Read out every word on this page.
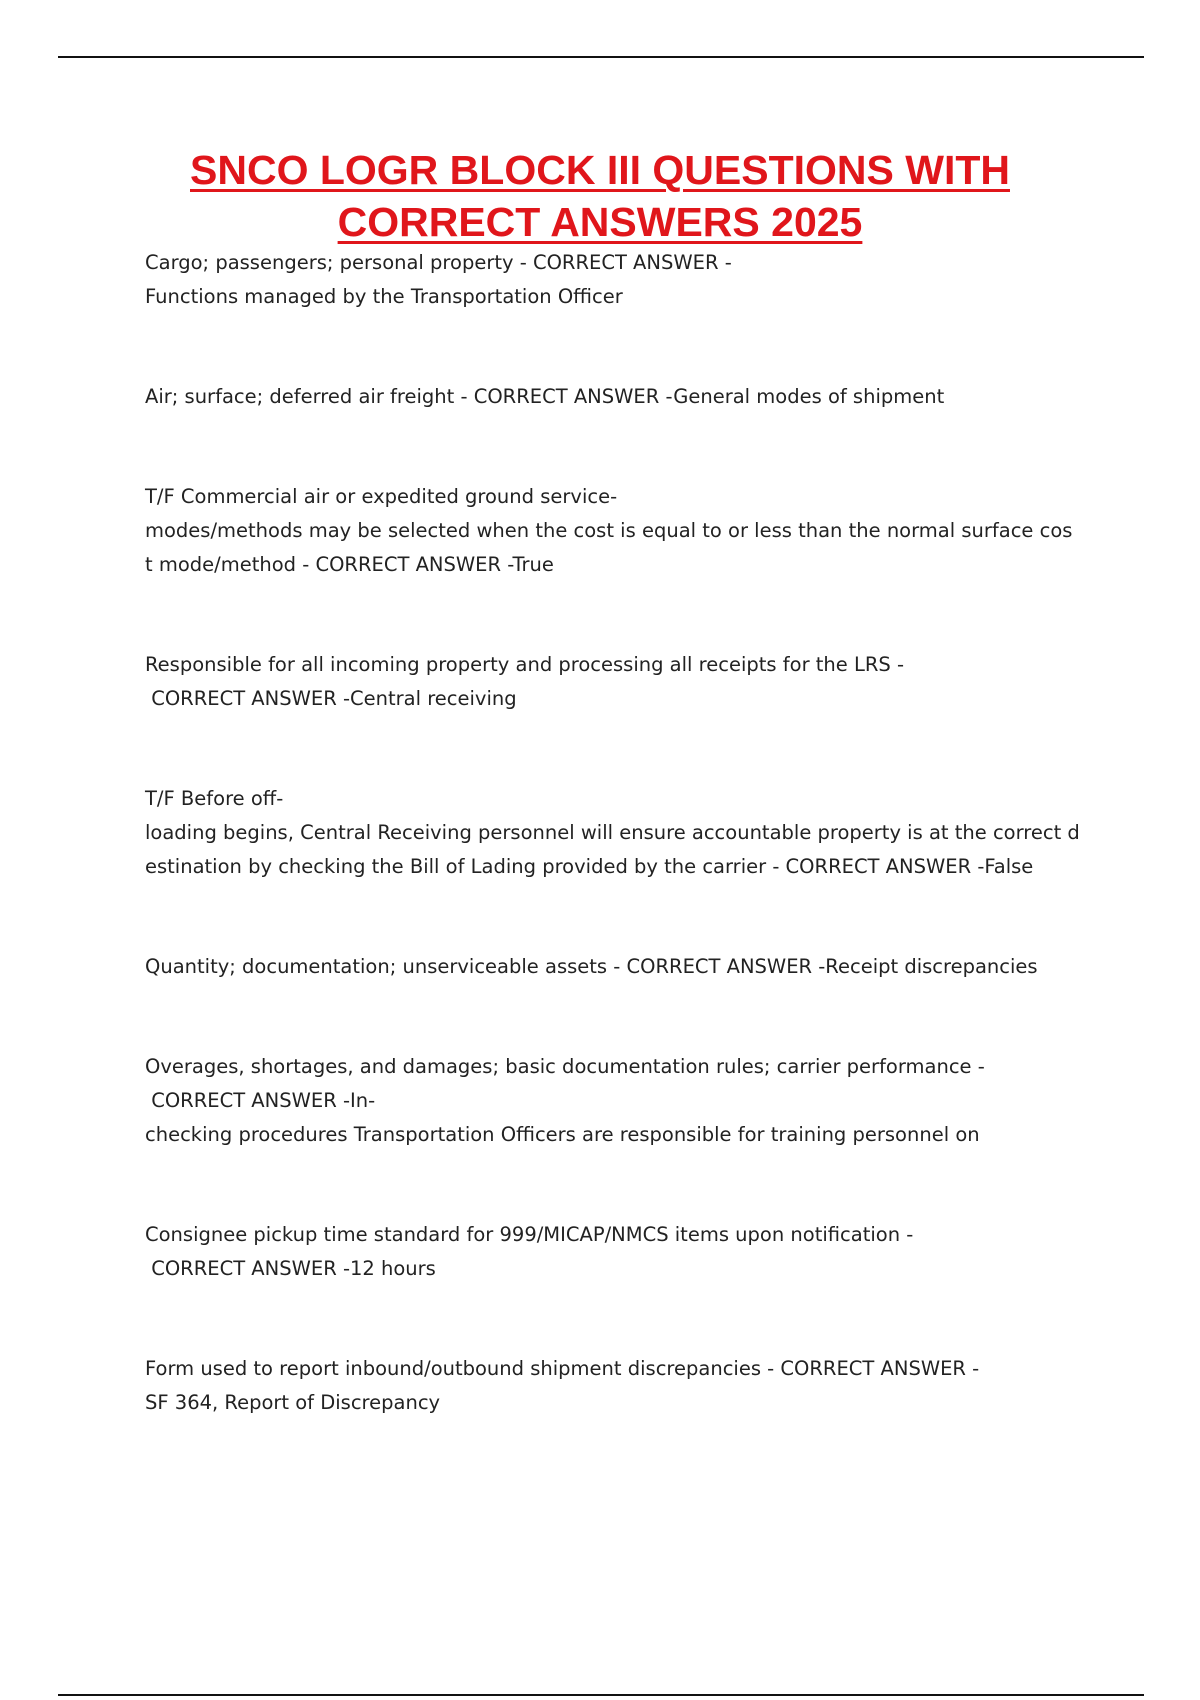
SNCO LOGR BLOCK III QUESTIONS WITH
CORRECT ANSWERS 2025
Cargo; passengers; personal property - CORRECT ANSWER -
Functions managed by the Transportation Officer
Air; surface; deferred air freight - CORRECT ANSWER -General modes of shipment
T/F Commercial air or expedited ground service-
modes/methods may be selected when the cost is equal to or less than the normal surface cos
t mode/method - CORRECT ANSWER -True
Responsible for all incoming property and processing all receipts for the LRS -
CORRECT ANSWER -Central receiving
T/F Before off-
loading begins, Central Receiving personnel will ensure accountable property is at the correct d
estination by checking the Bill of Lading provided by the carrier - CORRECT ANSWER -False
Quantity; documentation; unserviceable assets - CORRECT ANSWER -Receipt discrepancies
Overages, shortages, and damages; basic documentation rules; carrier performance -
CORRECT ANSWER -In-
checking procedures Transportation Officers are responsible for training personnel on
Consignee pickup time standard for 999/MICAP/NMCS items upon notification -
CORRECT ANSWER -12 hours
Form used to report inbound/outbound shipment discrepancies - CORRECT ANSWER -
SF 364, Report of Discrepancy
